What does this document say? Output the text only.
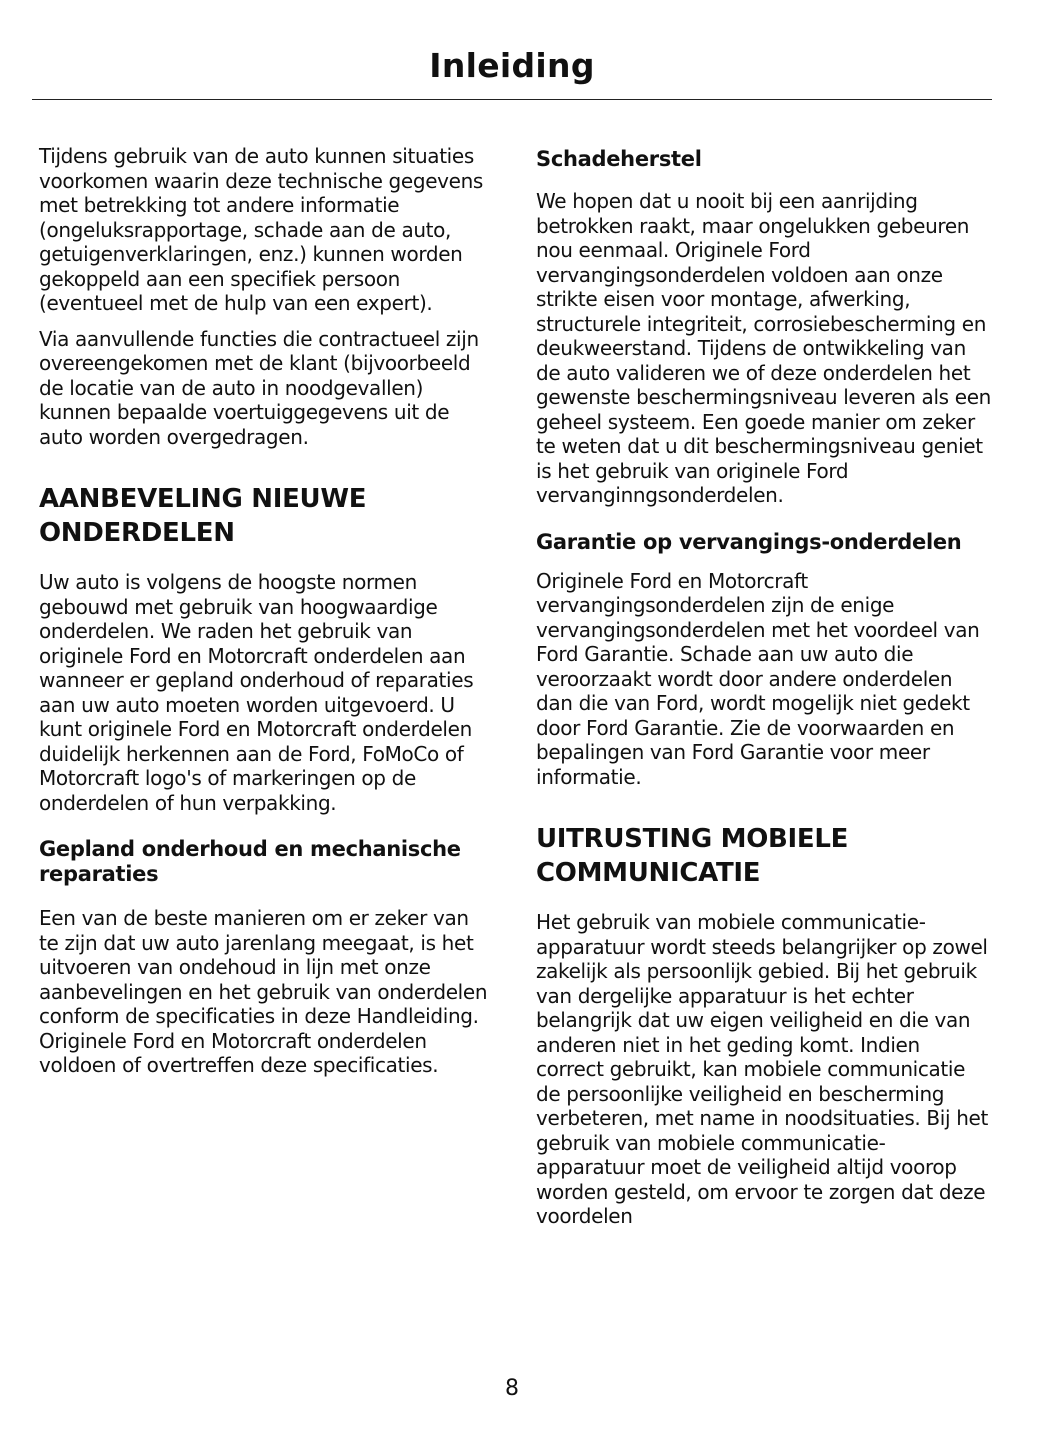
Inleiding

Tijdens gebruik van de auto kunnen situaties voorkomen waarin deze technische gegevens met betrekking tot andere informatie (ongeluksrapportage, schade aan de auto, getuigenverklaringen, enz.) kunnen worden gekoppeld aan een specifiek persoon (eventueel met de hulp van een expert).

Via aanvullende functies die contractueel zijn overeengekomen met de klant (bijvoorbeeld de locatie van de auto in noodgevallen) kunnen bepaalde voertuiggegevens uit de auto worden overgedragen.

AANBEVELING NIEUWE ONDERDELEN

Uw auto is volgens de hoogste normen gebouwd met gebruik van hoogwaardige onderdelen. We raden het gebruik van originele Ford en Motorcraft onderdelen aan wanneer er gepland onderhoud of reparaties aan uw auto moeten worden uitgevoerd. U kunt originele Ford en Motorcraft onderdelen duidelijk herkennen aan de Ford, FoMoCo of Motorcraft logo's of markeringen op de onderdelen of hun verpakking.

Gepland onderhoud en mechanische reparaties

Een van de beste manieren om er zeker van te zijn dat uw auto jarenlang meegaat, is het uitvoeren van ondehoud in lijn met onze aanbevelingen en het gebruik van onderdelen conform de specificaties in deze Handleiding. Originele Ford en Motorcraft onderdelen voldoen of overtreffen deze specificaties.

Schadeherstel

We hopen dat u nooit bij een aanrijding betrokken raakt, maar ongelukken gebeuren nou eenmaal. Originele Ford vervangingsonderdelen voldoen aan onze strikte eisen voor montage, afwerking, structurele integriteit, corrosiebescherming en deukweerstand. Tijdens de ontwikkeling van de auto valideren we of deze onderdelen het gewenste beschermingsniveau leveren als een geheel systeem. Een goede manier om zeker te weten dat u dit beschermingsniveau geniet is het gebruik van originele Ford vervanginngsonderdelen.

Garantie op vervangings-onderdelen

Originele Ford en Motorcraft vervangingsonderdelen zijn de enige vervangingsonderdelen met het voordeel van Ford Garantie. Schade aan uw auto die veroorzaakt wordt door andere onderdelen dan die van Ford, wordt mogelijk niet gedekt door Ford Garantie. Zie de voorwaarden en bepalingen van Ford Garantie voor meer informatie.

UITRUSTING MOBIELE COMMUNICATIE

Het gebruik van mobiele communicatie-apparatuur wordt steeds belangrijker op zowel zakelijk als persoonlijk gebied. Bij het gebruik van dergelijke apparatuur is het echter belangrijk dat uw eigen veiligheid en die van anderen niet in het geding komt. Indien correct gebruikt, kan mobiele communicatie de persoonlijke veiligheid en bescherming verbeteren, met name in noodsituaties. Bij het gebruik van mobiele communicatie-apparatuur moet de veiligheid altijd voorop worden gesteld, om ervoor te zorgen dat deze voordelen

8
